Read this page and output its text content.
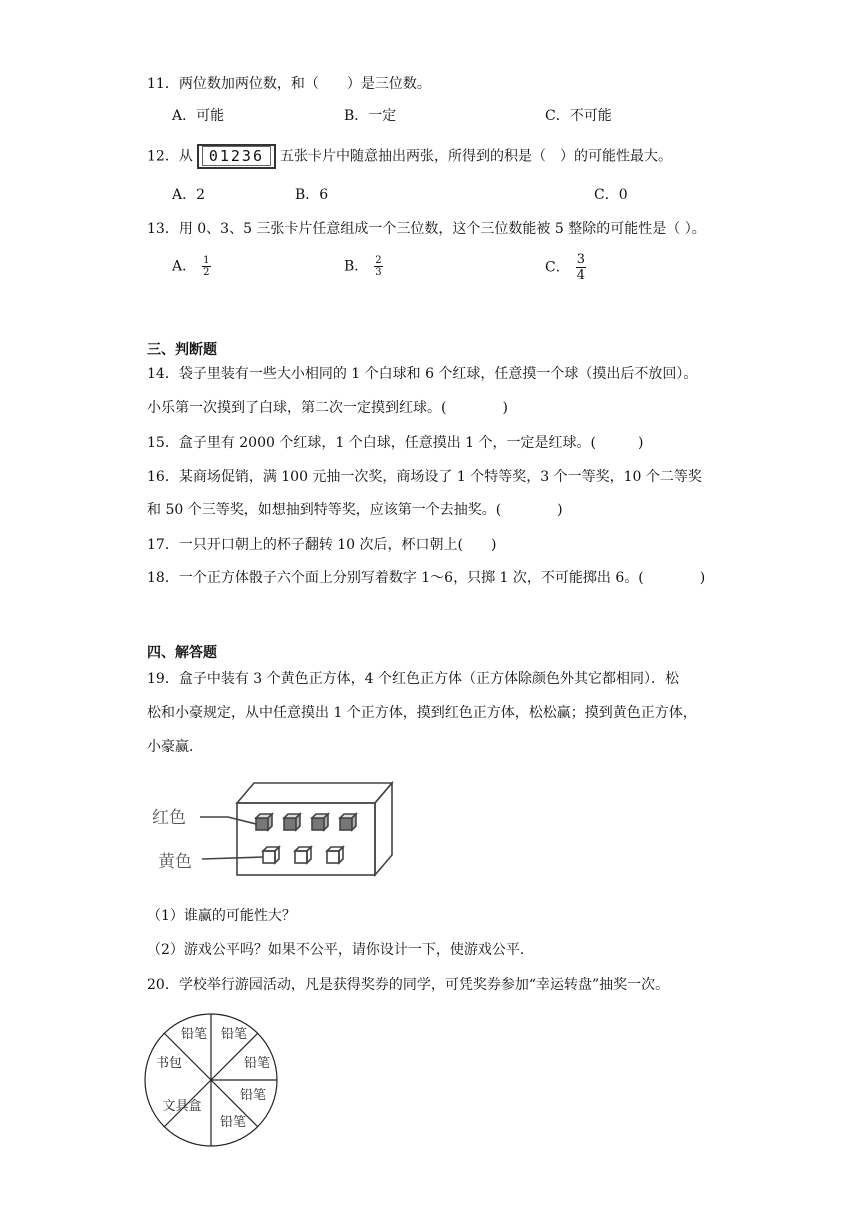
11．两位数加两位数，和（　　）是三位数。
A．可能	B．一定	C．不可能
12．从 01236 五张卡片中随意抽出两张，所得到的积是（　）的可能性最大。
A．2	B．6	C．0
13．用 0、3、5 三张卡片任意组成一个三位数，这个三位数能被 5 整除的可能性是（ ）。
A． $\frac{1}{2}$	B． $\frac{2}{3}$	C． $\frac{3}{4}$
三、判断题
14．袋子里装有一些大小相同的 1 个白球和 6 个红球，任意摸一个球（摸出后不放回）。
小乐第一次摸到了白球，第二次一定摸到红球。(　　　　)
15．盒子里有 2000 个红球，1 个白球，任意摸出 1 个，一定是红球。(　　　)
16．某商场促销，满 100 元抽一次奖，商场设了 1 个特等奖，3 个一等奖，10 个二等奖
和 50 个三等奖，如想抽到特等奖，应该第一个去抽奖。(　　　　)
17．一只开口朝上的杯子翻转 10 次后，杯口朝上(　　)
18．一个正方体骰子六个面上分别写着数字 1～6，只掷 1 次，不可能掷出 6。(　　　　)
四、解答题
19．盒子中装有 3 个黄色正方体，4 个红色正方体（正方体除颜色外其它都相同）．松
松和小豪规定，从中任意摸出 1 个正方体，摸到红色正方体，松松赢；摸到黄色正方体，
小豪赢．
红色
黄色
（1）谁赢的可能性大？
（2）游戏公平吗？如果不公平，请你设计一下，使游戏公平．
20．学校举行游园活动，凡是获得奖券的同学，可凭奖券参加“幸运转盘”抽奖一次。
铅笔 铅笔
铅笔
铅笔
铅笔
文具盒
书包
